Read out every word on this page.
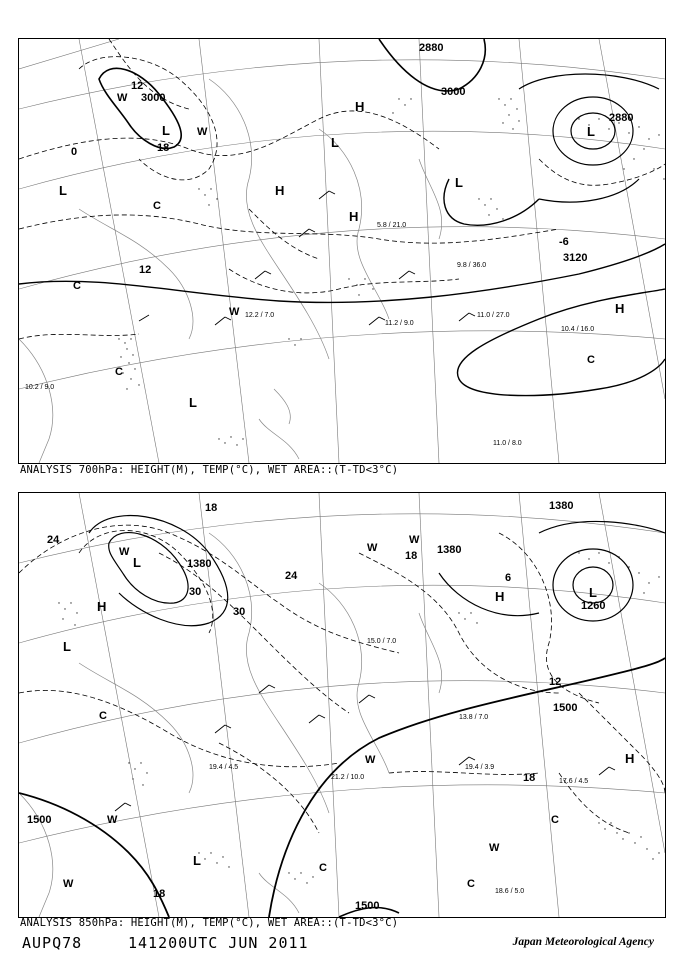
3000	3000
2880
2880
3120
12
18
0
12
-6
L
L
L
L
L
L
H
H
H
H
W
W
W
C
C
C
C
11.0 / 27.0
10.4 / 16.0
11.0 / 8.0
10.2 / 9.0
11.2 / 9.0
12.2 / 7.0
9.8 / 36.0
5.8 / 21.0
ANALYSIS 700hPa: HEIGHT(M), TEMP(°C), WET AREA::(T-TD<3°C)
1380
1380
1380
1260
1500
1500
1500
18
24
30
30
24
18
12
18
18
6
H
H
H
L
L
L
L
W	W
W
W
W
W
W
C
C
C
C
18.6 / 5.0
17.6 / 4.5
19.4 / 3.9
21.2 / 10.0
19.4 / 4.5
15.0 / 7.0
13.8 / 7.0
ANALYSIS 850hPa: HEIGHT(M), TEMP(°C), WET AREA::(T-TD<3°C)
AUPQ78	141200UTC JUN 2011	Japan Meteorological Agency
